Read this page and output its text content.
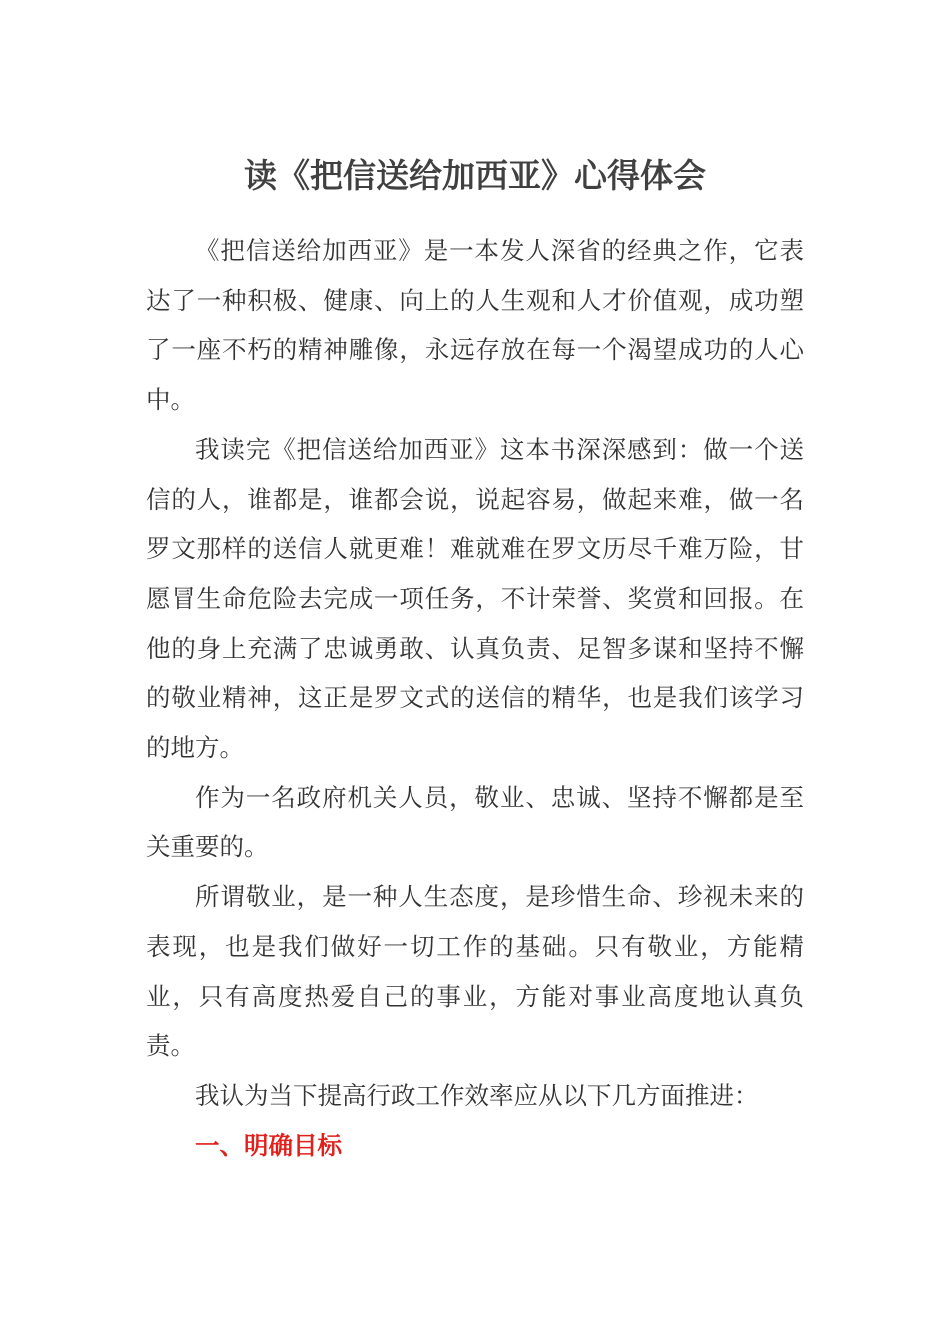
读《把信送给加西亚》心得体会

《把信送给加西亚》是一本发人深省的经典之作，它表达了一种积极、健康、向上的人生观和人才价值观，成功塑了一座不朽的精神雕像，永远存放在每一个渴望成功的人心中。

我读完《把信送给加西亚》这本书深深感到：做一个送信的人，谁都是，谁都会说，说起容易，做起来难，做一名罗文那样的送信人就更难！难就难在罗文历尽千难万险，甘愿冒生命危险去完成一项任务，不计荣誉、奖赏和回报。在他的身上充满了忠诚勇敢、认真负责、足智多谋和坚持不懈的敬业精神，这正是罗文式的送信的精华，也是我们该学习的地方。

作为一名政府机关人员，敬业、忠诚、坚持不懈都是至关重要的。

所谓敬业，是一种人生态度，是珍惜生命、珍视未来的表现，也是我们做好一切工作的基础。只有敬业，方能精业，只有高度热爱自己的事业，方能对事业高度地认真负责。

我认为当下提高行政工作效率应从以下几方面推进：

一、明确目标
